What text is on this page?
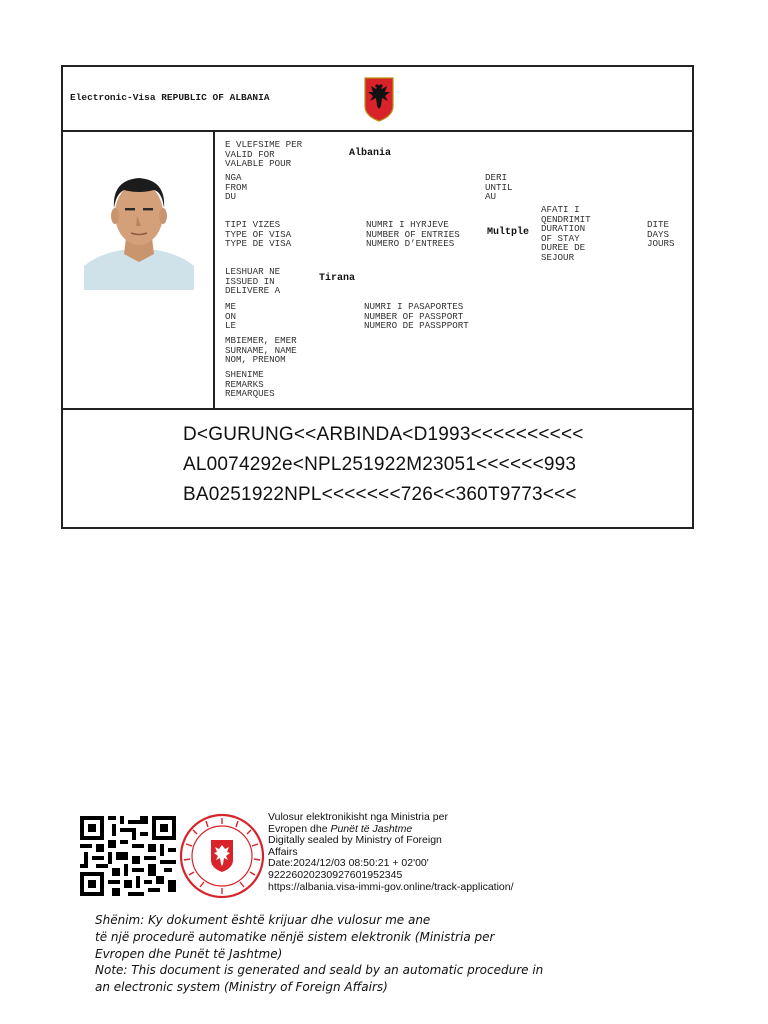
Electronic-Visa REPUBLIC OF ALBANIA
E VLEFSIME PER
VALID FOR
VALABLE POUR
Albania
NGA
FROM
DU
DERI
UNTIL
AU
AFATI I
QENDRIMIT
DURATION
OF STAY
DUREE DE
SEJOUR
DITE
DAYS
JOURS
TIPI VIZES
TYPE OF VISA
TYPE DE VISA
NUMRI I HYRJEVE
NUMBER OF ENTRIES
NUMERO D’ENTREES
Multple
LESHUAR NE
ISSUED IN
DELIVERE A
Tirana
ME
ON
LE
NUMRI I PASAPORTES
NUMBER OF PASSPORT
NUMERO DE PASSPPORT
MBIEMER, EMER
SURNAME, NAME
NOM, PRENOM
SHENIME
REMARKS
REMARQUES
D<GURUNG<<ARBINDA<D1993<<<<<<<<<<
AL0074292e<NPL251922M23051<<<<<<993
BA0251922NPL<<<<<<<726<<360T9773<<<
Vulosur elektronikisht nga Ministria per
Evropen dhe Punët të Jashtme
Digitally sealed by Ministry of Foreign
Affairs
Date:2024/12/03 08:50:21 + 02'00'
92226020230927601952345
https://albania.visa-immi-gov.online/track-application/
Shënim: Ky dokument është krijuar dhe vulosur me ane
të një procedurë automatike nënjë sistem elektronik (Ministria per
Evropen dhe Punët të Jashtme)
Note: This document is generated and seald by an automatic procedure in
an electronic system (Ministry of Foreign Affairs)
